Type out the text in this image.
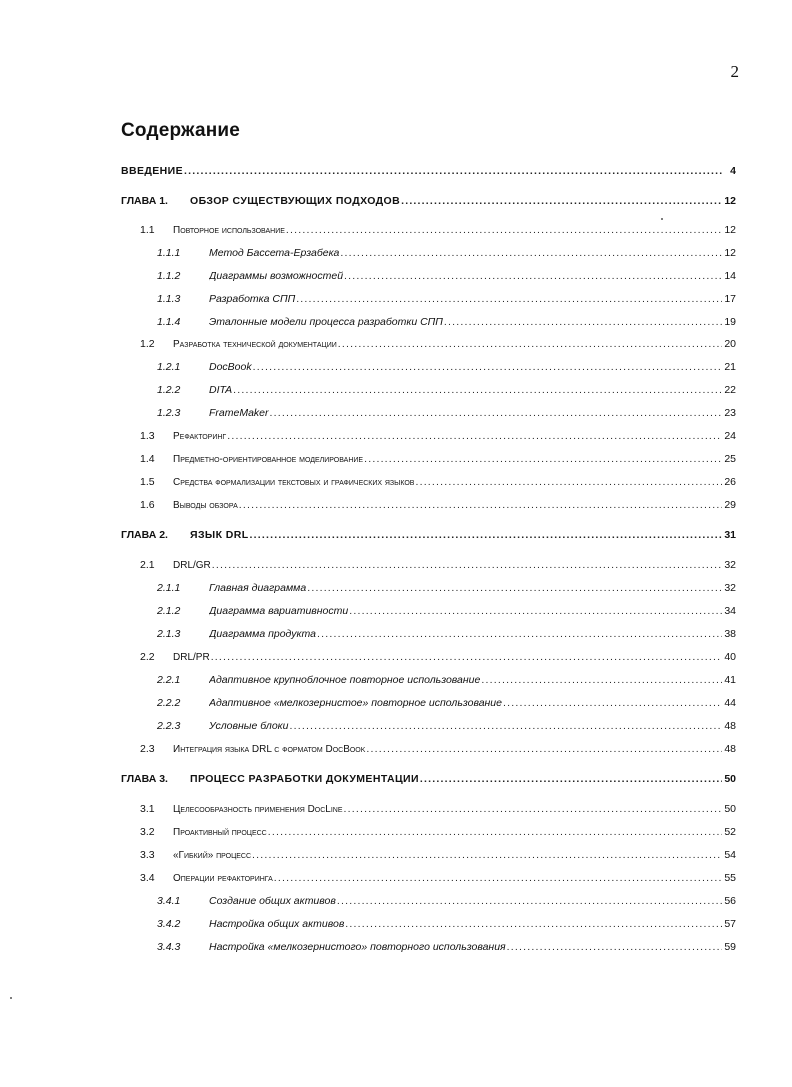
2
Содержание
ВВЕДЕНИЕ .....	4
ГЛАВА 1. ОБЗОР СУЩЕСТВУЮЩИХ ПОДХОДОВ .....	12
1.1 Повторное использование .....	12
1.1.1	Метод Бассета-Ерзабека .....	12
1.1.2	Диаграммы возможностей .....	14
1.1.3	Разработка СПП .....	17
1.1.4	Эталонные модели процесса разработки СПП .....	19
1.2 Разработка технической документации .....	20
1.2.1	DocBook .....	21
1.2.2	DITA .....	22
1.2.3	FrameMaker .....	23
1.3 Рефакторинг .....	24
1.4 Предметно-ориентированное моделирование .....	25
1.5 Средства формализации текстовых и графических языков .....	26
1.6 Выводы обзора .....	29
ГЛАВА 2. ЯЗЫК DRL .....	31
2.1 DRL/GR .....	32
2.1.1	Главная диаграмма .....	32
2.1.2	Диаграмма вариативности .....	34
2.1.3	Диаграмма продукта .....	38
2.2 DRL/PR .....	40
2.2.1	Адаптивное крупноблочное повторное использование .....	41
2.2.2	Адаптивное «мелкозернистое» повторное использование .....	44
2.2.3	Условные блоки .....	48
2.3 Интеграция языка DRL с форматом DocBook .....	48
ГЛАВА 3. ПРОЦЕСС РАЗРАБОТКИ ДОКУМЕНТАЦИИ .....	50
3.1 Целесообразность применения DocLine .....	50
3.2 Проактивный процесс .....	52
3.3 «Гибкий» процесс .....	54
3.4 Операции рефакторинга .....	55
3.4.1	Создание общих активов .....	56
3.4.2	Настройка общих активов .....	57
3.4.3	Настройка «мелкозернистого» повторного использования .....	59
